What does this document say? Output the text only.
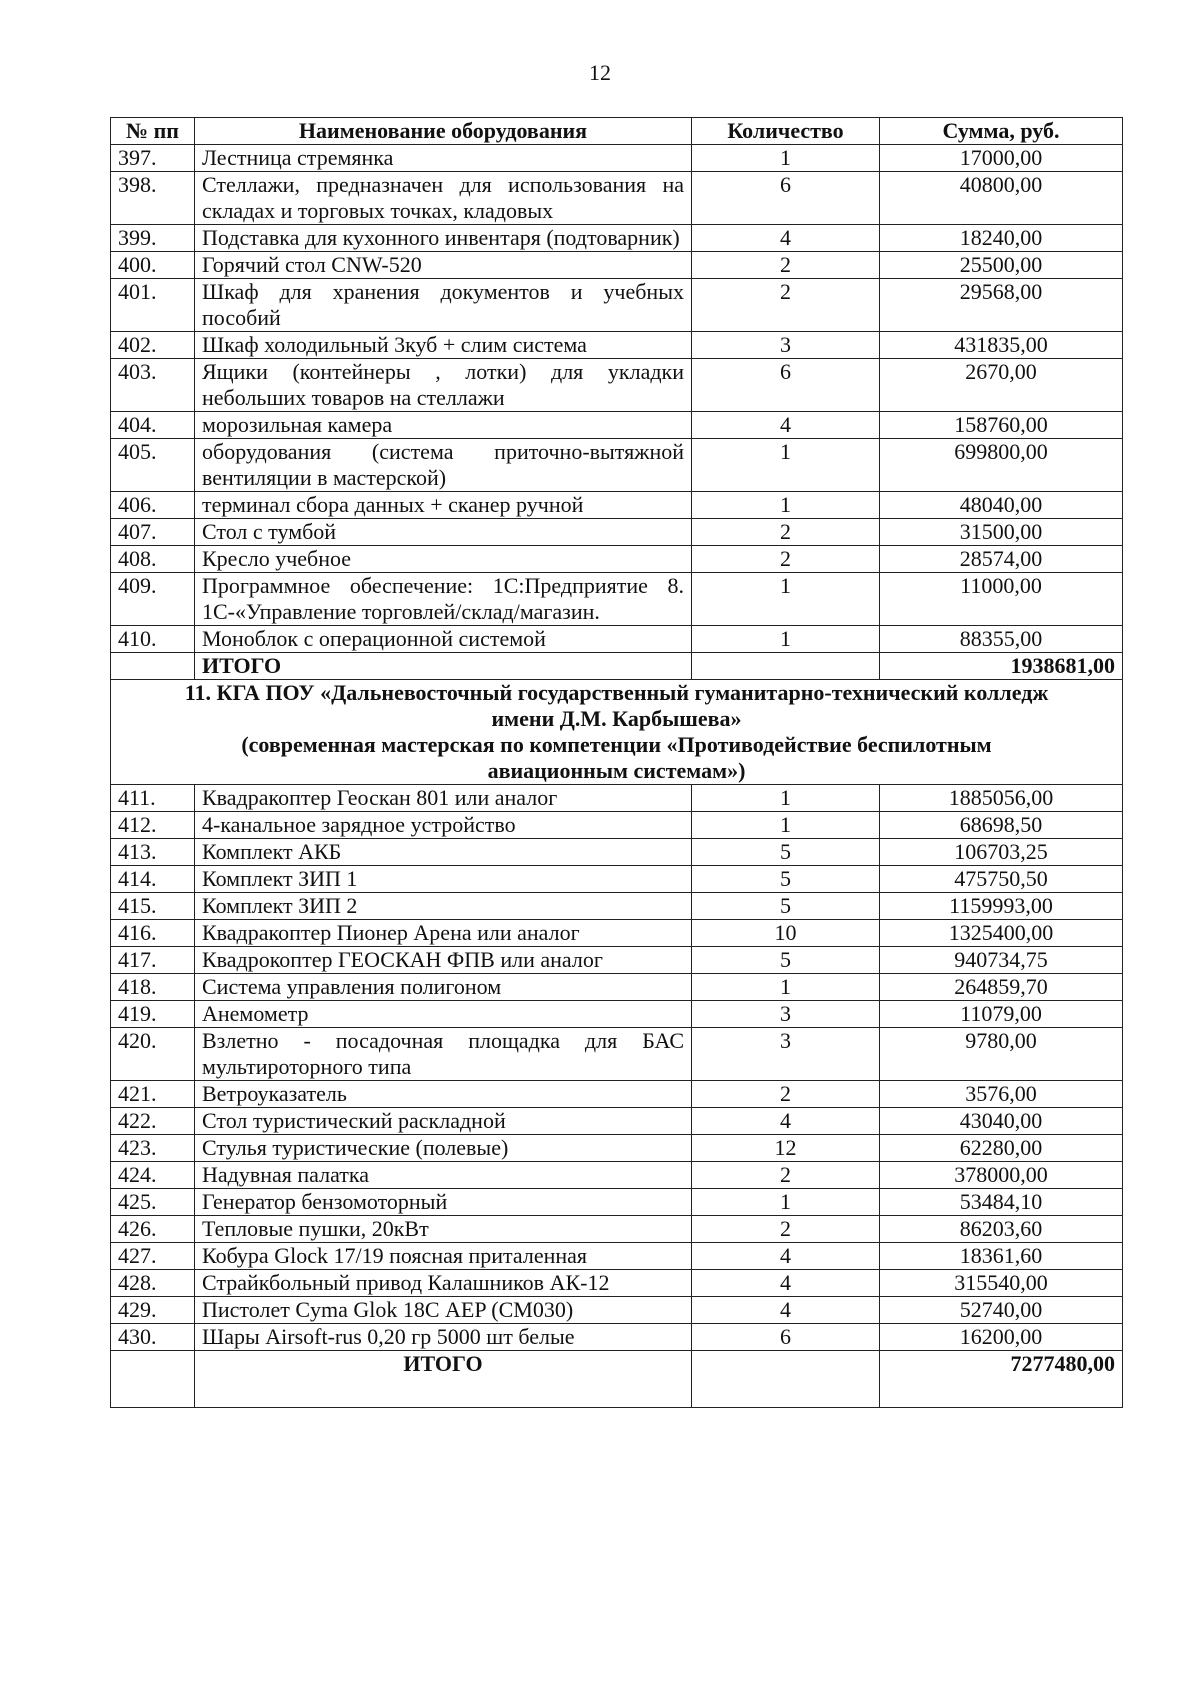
12
№ пп	Наименование оборудования	Количество	Сумма, руб.
397.	Лестница стремянка	1	17000,00
398.	Стеллажи, предназначен для использования на складах и торговых точках, кладовых	6	40800,00
399.	Подставка для кухонного инвентаря (подтоварник)	4	18240,00
400.	Горячий стол CNW-520	2	25500,00
401.	Шкаф для хранения документов и учебных пособий	2	29568,00
402.	Шкаф холодильный 3куб + слим система	3	431835,00
403.	Ящики (контейнеры , лотки) для укладки небольших товаров на стеллажи	6	2670,00
404.	морозильная камера	4	158760,00
405.	оборудования (система приточно-вытяжной вентиляции в мастерской)	1	699800,00
406.	терминал сбора данных + сканер ручной	1	48040,00
407.	Стол с тумбой	2	31500,00
408.	Кресло учебное	2	28574,00
409.	Программное обеспечение: 1С:Предприятие 8. 1С-«Управление торговлей/склад/магазин.	1	11000,00
410.	Моноблок с операционной системой	1	88355,00
	ИТОГО		1938681,00

11. КГА ПОУ «Дальневосточный государственный гуманитарно-технический колледж
имени Д.М. Карбышева»
(современная мастерская по компетенции «Противодействие беспилотным
авиационным системам»)			

411.	Квадракоптер Геоскан 801 или аналог	1	1885056,00
412.	4-канальное зарядное устройство	1	68698,50
413.	Комплект АКБ	5	106703,25
414.	Комплект ЗИП 1	5	475750,50
415.	Комплект ЗИП 2	5	1159993,00
416.	Квадракоптер Пионер Арена или аналог	10	1325400,00
417.	Квадрокоптер ГЕОСКАН ФПВ или аналог	5	940734,75
418.	Система управления полигоном	1	264859,70
419.	Анемометр	3	11079,00
420.	Взлетно - посадочная площадка для БАС мультироторного типа	3	9780,00
421.	Ветроуказатель	2	3576,00
422.	Стол туристический раскладной	4	43040,00
423.	Стулья туристические (полевые)	12	62280,00
424.	Надувная палатка	2	378000,00
425.	Генератор бензомоторный	1	53484,10
426.	Тепловые пушки, 20кВт	2	86203,60
427.	Кобура Glock 17/19 поясная приталенная	4	18361,60
428.	Страйкбольный привод Калашников АК-12	4	315540,00
429.	Пистолет Cyma Glok 18С AEP (CM030)	4	52740,00
430.	Шары Airsoft-rus 0,20 гр 5000 шт белые	6	16200,00
	ИТОГО		7277480,00
